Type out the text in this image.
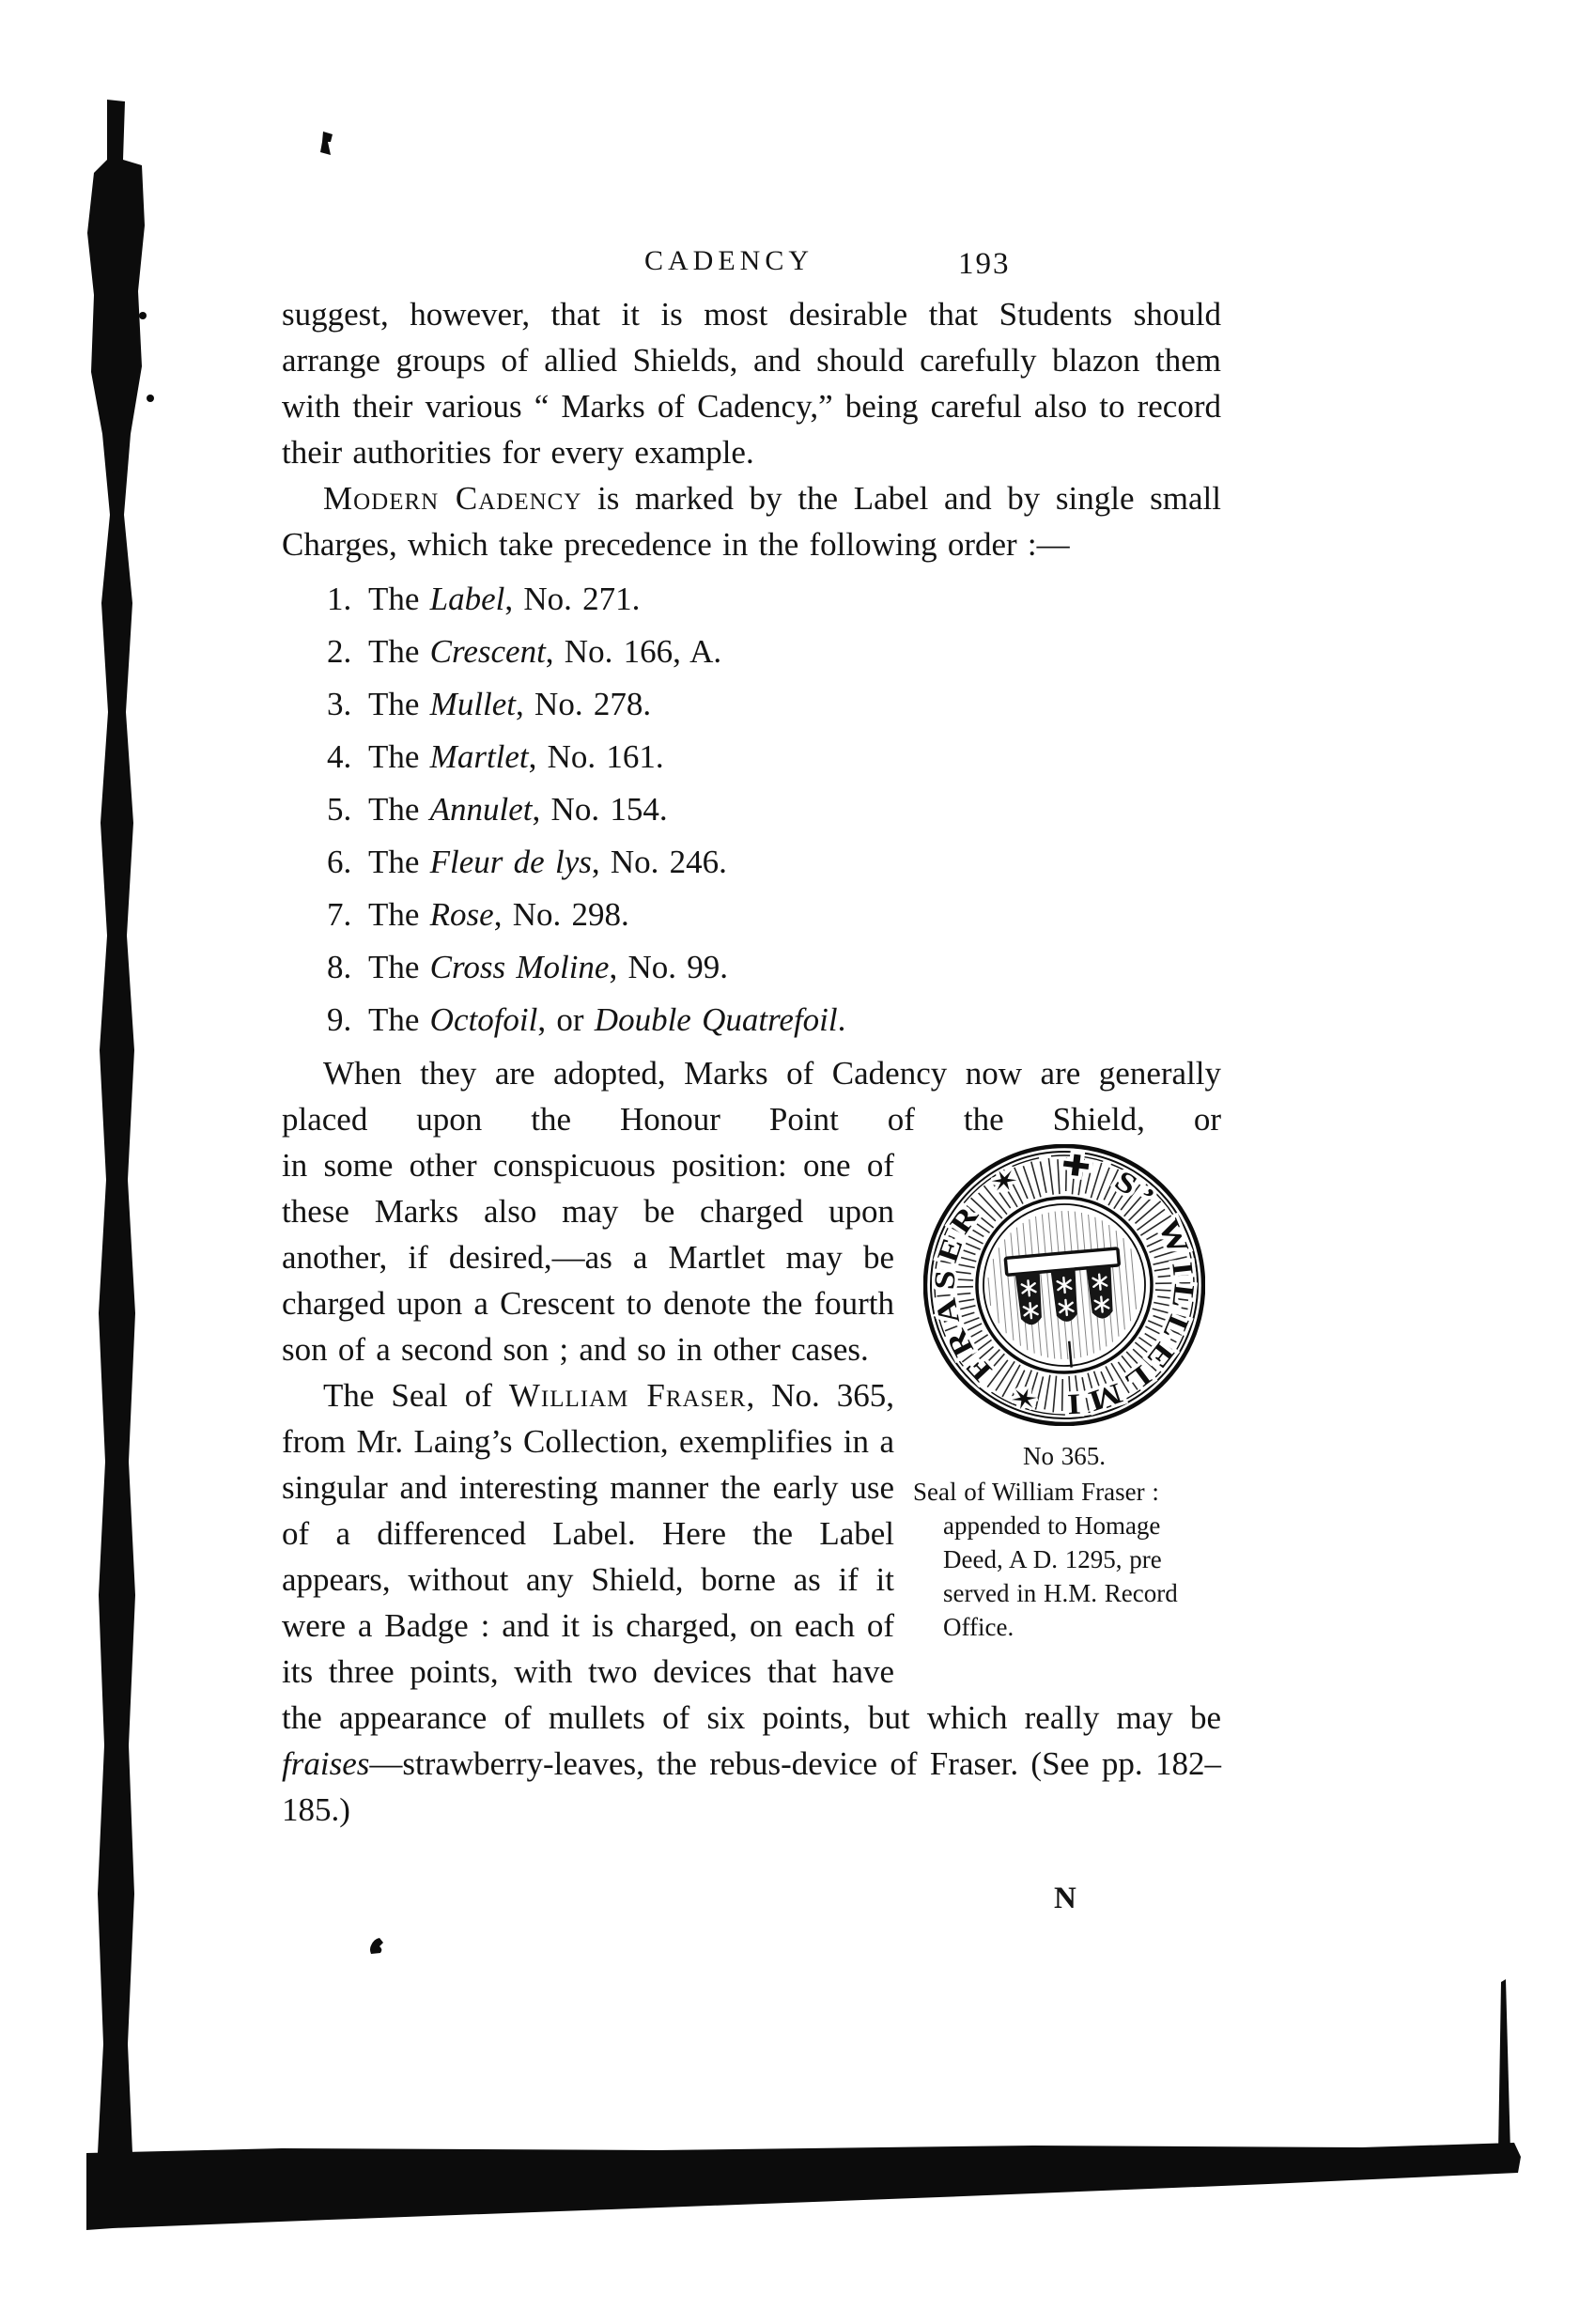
CADENCY	193

suggest, however, that it is most desirable that Students should arrange groups of allied Shields, and should carefully blazon them with their various “ Marks of Cadency,” being careful also to record their authorities for every example.

Modern Cadency is marked by the Label and by single small Charges, which take precedence in the following order :—

1. The Label, No. 271.
2. The Crescent, No. 166, A.
3. The Mullet, No. 278.
4. The Martlet, No. 161.
5. The Annulet, No. 154.
6. The Fleur de lys, No. 246.
7. The Rose, No. 298.
8. The Cross Moline, No. 99.
9. The Octofoil, or Double Quatrefoil.

When they are adopted, Marks of Cadency now are generally placed upon the Honour Point of the Shield, or

✚ S’ WILLELMI ✶ FRASER ✶
No 365.
Seal of William Fraser :
appended to Homage
Deed, A D. 1295, pre
served in H.M. Record
Office.

in some other conspicuous position: one of these Marks also may be charged upon another, if desired,—as a Martlet may be charged upon a Crescent to denote the fourth son of a second son ; and so in other cases.

The Seal of William Fraser, No. 365, from Mr. Laing’s Collection, exemplifies in a singular and interesting manner the early use of a differenced Label. Here the Label appears, without any Shield, borne as if it were a Badge : and it is charged, on each of its three points, with two devices that have the appearance of mullets of six points, but which really may be fraises—strawberry-leaves, the rebus-device of Fraser. (See pp. 182–185.)

N
